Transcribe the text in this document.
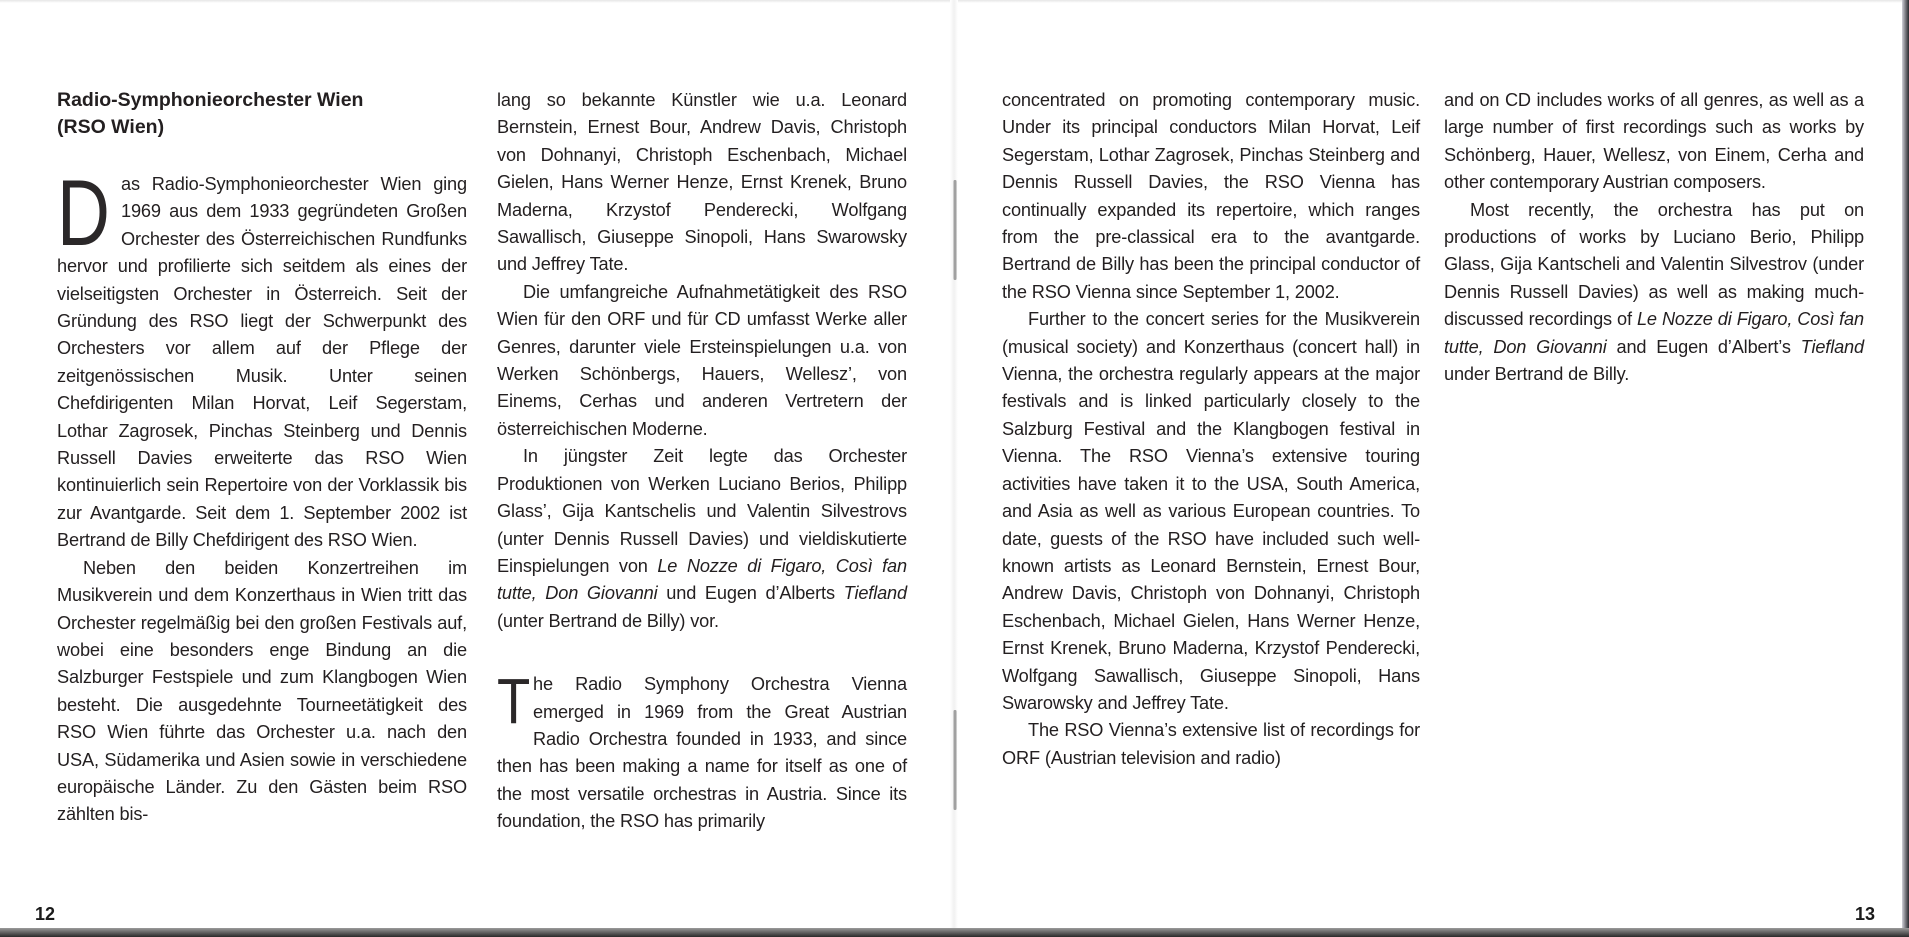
Radio-Symphonieorchester Wien
(RSO Wien)

Das Radio-Symphonieorchester Wien ging 1969 aus dem 1933 gegründeten Großen Orchester des Österreichischen Rundfunks hervor und profilierte sich seitdem als eines der vielseitigsten Orchester in Österreich. Seit der Gründung des RSO liegt der Schwerpunkt des Orchesters vor allem auf der Pflege der zeitgenössischen Musik. Unter seinen Chefdirigenten Milan Horvat, Leif Segerstam, Lothar Zagrosek, Pinchas Steinberg und Dennis Russell Davies erweiterte das RSO Wien kontinuierlich sein Repertoire von der Vorklassik bis zur Avantgarde. Seit dem 1. September 2002 ist Bertrand de Billy Chefdirigent des RSO Wien.

Neben den beiden Konzertreihen im Musikverein und dem Konzerthaus in Wien tritt das Orchester regelmäßig bei den großen Festivals auf, wobei eine besonders enge Bindung an die Salzburger Festspiele und zum Klangbogen Wien besteht. Die ausgedehnte Tourneetätigkeit des RSO Wien führte das Orchester u.a. nach den USA, Südamerika und Asien sowie in verschiedene europäische Länder. Zu den Gästen beim RSO zählten bis-

lang so bekannte Künstler wie u.a. Leonard Bernstein, Ernest Bour, Andrew Davis, Christoph von Dohnanyi, Christoph Eschenbach, Michael Gielen, Hans Werner Henze, Ernst Krenek, Bruno Maderna, Krzystof Penderecki, Wolfgang Sawallisch, Giuseppe Sinopoli, Hans Swarowsky und Jeffrey Tate.

Die umfangreiche Aufnahmetätigkeit des RSO Wien für den ORF und für CD umfasst Werke aller Genres, darunter viele Ersteinspielungen u.a. von Werken Schönbergs, Hauers, Wellesz’, von Einems, Cerhas und anderen Vertretern der österreichischen Moderne.

In jüngster Zeit legte das Orchester Produktionen von Werken Luciano Berios, Philipp Glass’, Gija Kantschelis und Valentin Silvestrovs (unter Dennis Russell Davies) und vieldiskutierte Einspielungen von Le Nozze di Figaro, Così fan tutte, Don Giovanni und Eugen d’Alberts Tiefland (unter Bertrand de Billy) vor.

The Radio Symphony Orchestra Vienna emerged in 1969 from the Great Austrian Radio Orchestra founded in 1933, and since then has been making a name for itself as one of the most versatile orchestras in Austria. Since its foundation, the RSO has primarily

12

concentrated on promoting contemporary music. Under its principal conductors Milan Horvat, Leif Segerstam, Lothar Zagrosek, Pinchas Steinberg and Dennis Russell Davies, the RSO Vienna has continually expanded its repertoire, which ranges from the pre-classical era to the avantgarde. Bertrand de Billy has been the principal conductor of the RSO Vienna since September 1, 2002.

Further to the concert series for the Musikverein (musical society) and Konzerthaus (concert hall) in Vienna, the orchestra regularly appears at the major festivals and is linked particularly closely to the Salzburg Festival and the Klangbogen festival in Vienna. The RSO Vienna’s extensive touring activities have taken it to the USA, South America, and Asia as well as various European countries. To date, guests of the RSO have included such well-known artists as Leonard Bernstein, Ernest Bour, Andrew Davis, Christoph von Dohnanyi, Christoph Eschenbach, Michael Gielen, Hans Werner Henze, Ernst Krenek, Bruno Maderna, Krzystof Penderecki, Wolfgang Sawallisch, Giuseppe Sinopoli, Hans Swarowsky and Jeffrey Tate.

The RSO Vienna’s extensive list of recordings for ORF (Austrian television and radio)

and on CD includes works of all genres, as well as a large number of first recordings such as works by Schönberg, Hauer, Wellesz, von Einem, Cerha and other contemporary Austrian composers.

Most recently, the orchestra has put on productions of works by Luciano Berio, Philipp Glass, Gija Kantscheli and Valentin Silvestrov (under Dennis Russell Davies) as well as making much-discussed recordings of Le Nozze di Figaro, Così fan tutte, Don Giovanni and Eugen d’Albert’s Tiefland under Bertrand de Billy.

13
